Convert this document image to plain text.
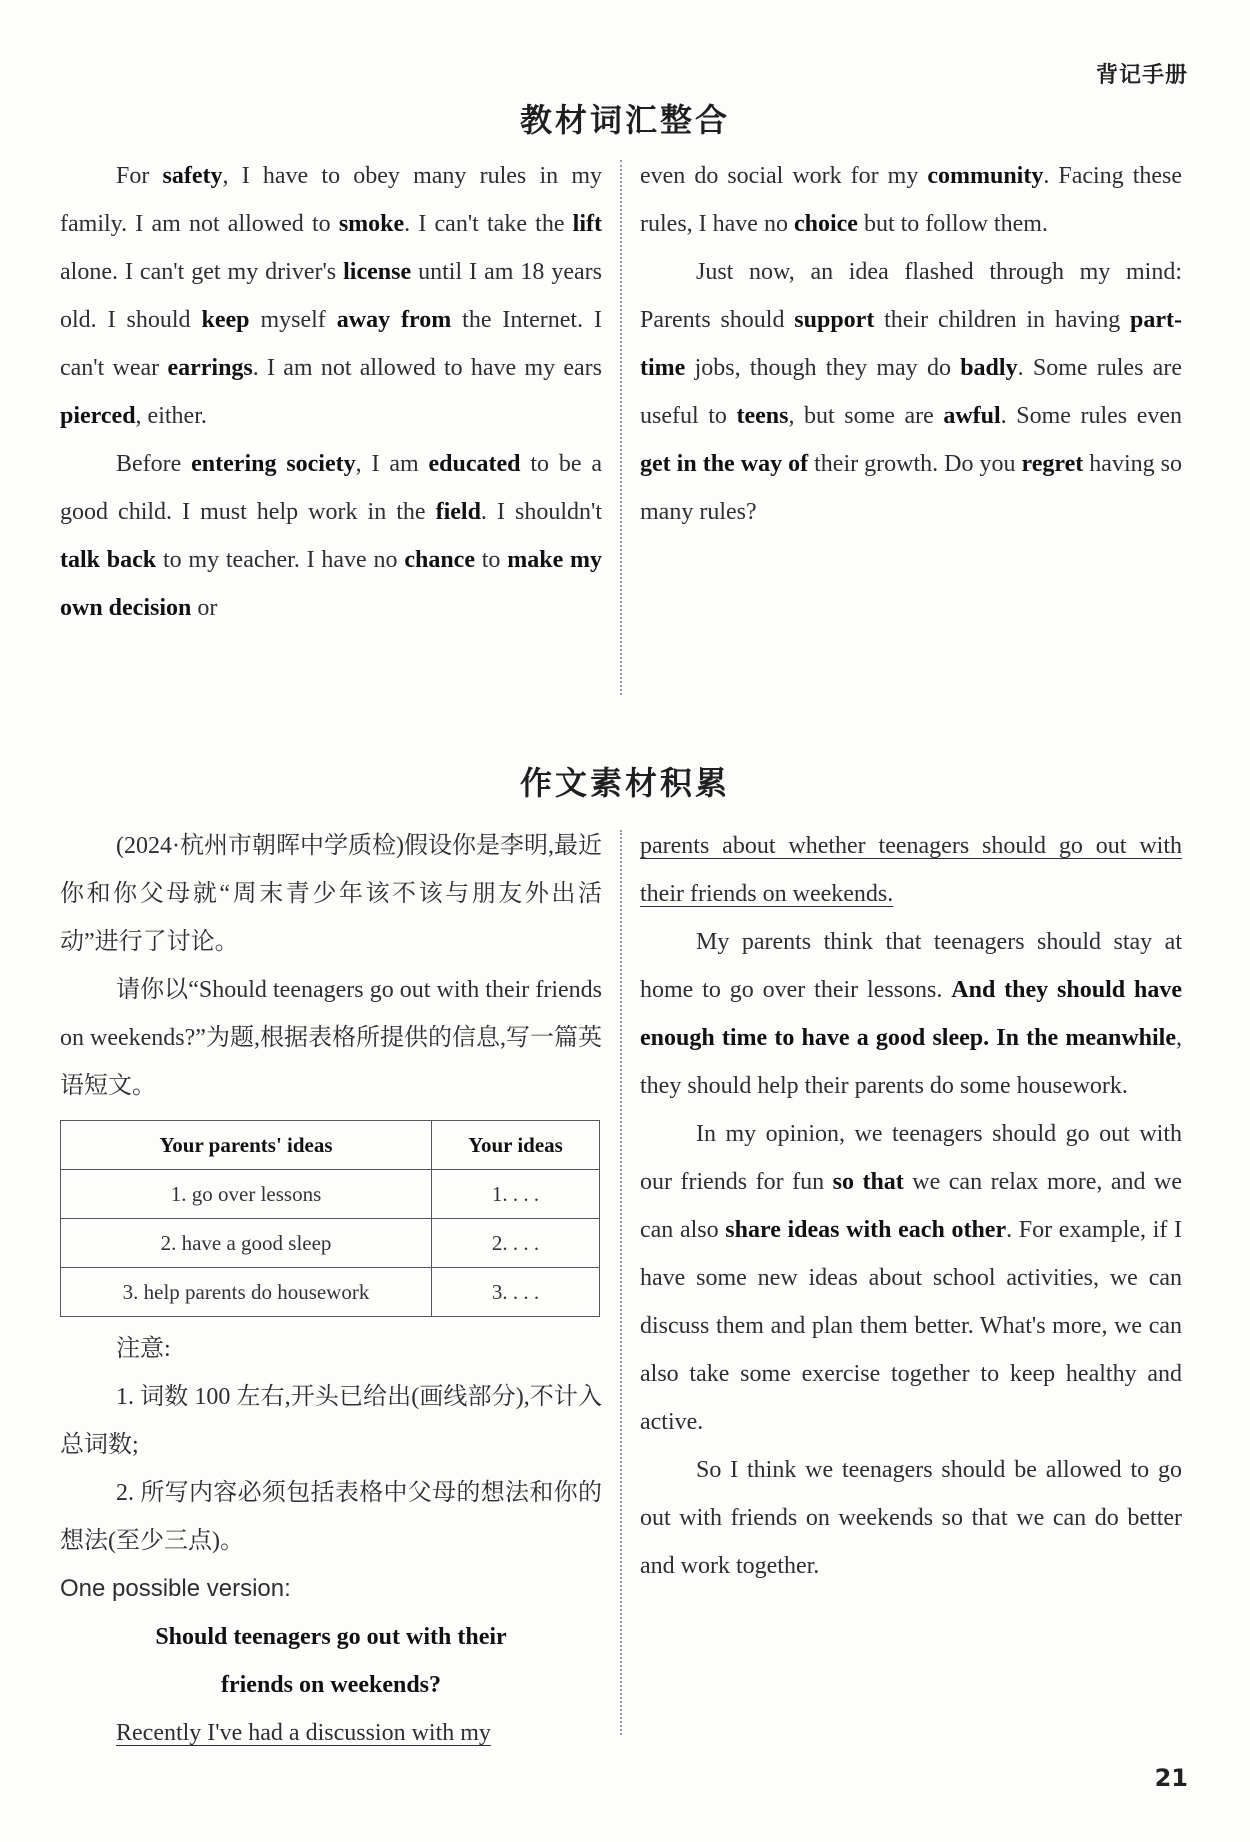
背记手册
教材词汇整合

For safety, I have to obey many rules in my family. I am not allowed to smoke. I can't take the lift alone. I can't get my driver's license until I am 18 years old. I should keep myself away from the Internet. I can't wear earrings. I am not allowed to have my ears pierced, either.

Before entering society, I am educated to be a good child. I must help work in the field. I shouldn't talk back to my teacher. I have no chance to make my own decision or

even do social work for my community. Facing these rules, I have no choice but to follow them.

Just now, an idea flashed through my mind: Parents should support their children in having part-time jobs, though they may do badly. Some rules are useful to teens, but some are awful. Some rules even get in the way of their growth. Do you regret having so many rules?

作文素材积累

(2024·杭州市朝晖中学质检)假设你是李明,最近你和你父母就“周末青少年该不该与朋友外出活动”进行了讨论。

请你以“Should teenagers go out with their friends on weekends?”为题,根据表格所提供的信息,写一篇英语短文。

Your parents' ideas	Your ideas
1. go over lessons	1. . . .
2. have a good sleep	2. . . .
3. help parents do housework	3. . . .

注意:

1. 词数 100 左右,开头已给出(画线部分),不计入总词数;

2. 所写内容必须包括表格中父母的想法和你的想法(至少三点)。

One possible version:

Should teenagers go out with their

friends on weekends?

Recently I've had a discussion with my

parents about whether teenagers should go out with their friends on weekends.

My parents think that teenagers should stay at home to go over their lessons. And they should have enough time to have a good sleep. In the meanwhile, they should help their parents do some housework.

In my opinion, we teenagers should go out with our friends for fun so that we can relax more, and we can also share ideas with each other. For example, if I have some new ideas about school activities, we can discuss them and plan them better. What's more, we can also take some exercise together to keep healthy and active.

So I think we teenagers should be allowed to go out with friends on weekends so that we can do better and work together.

21
